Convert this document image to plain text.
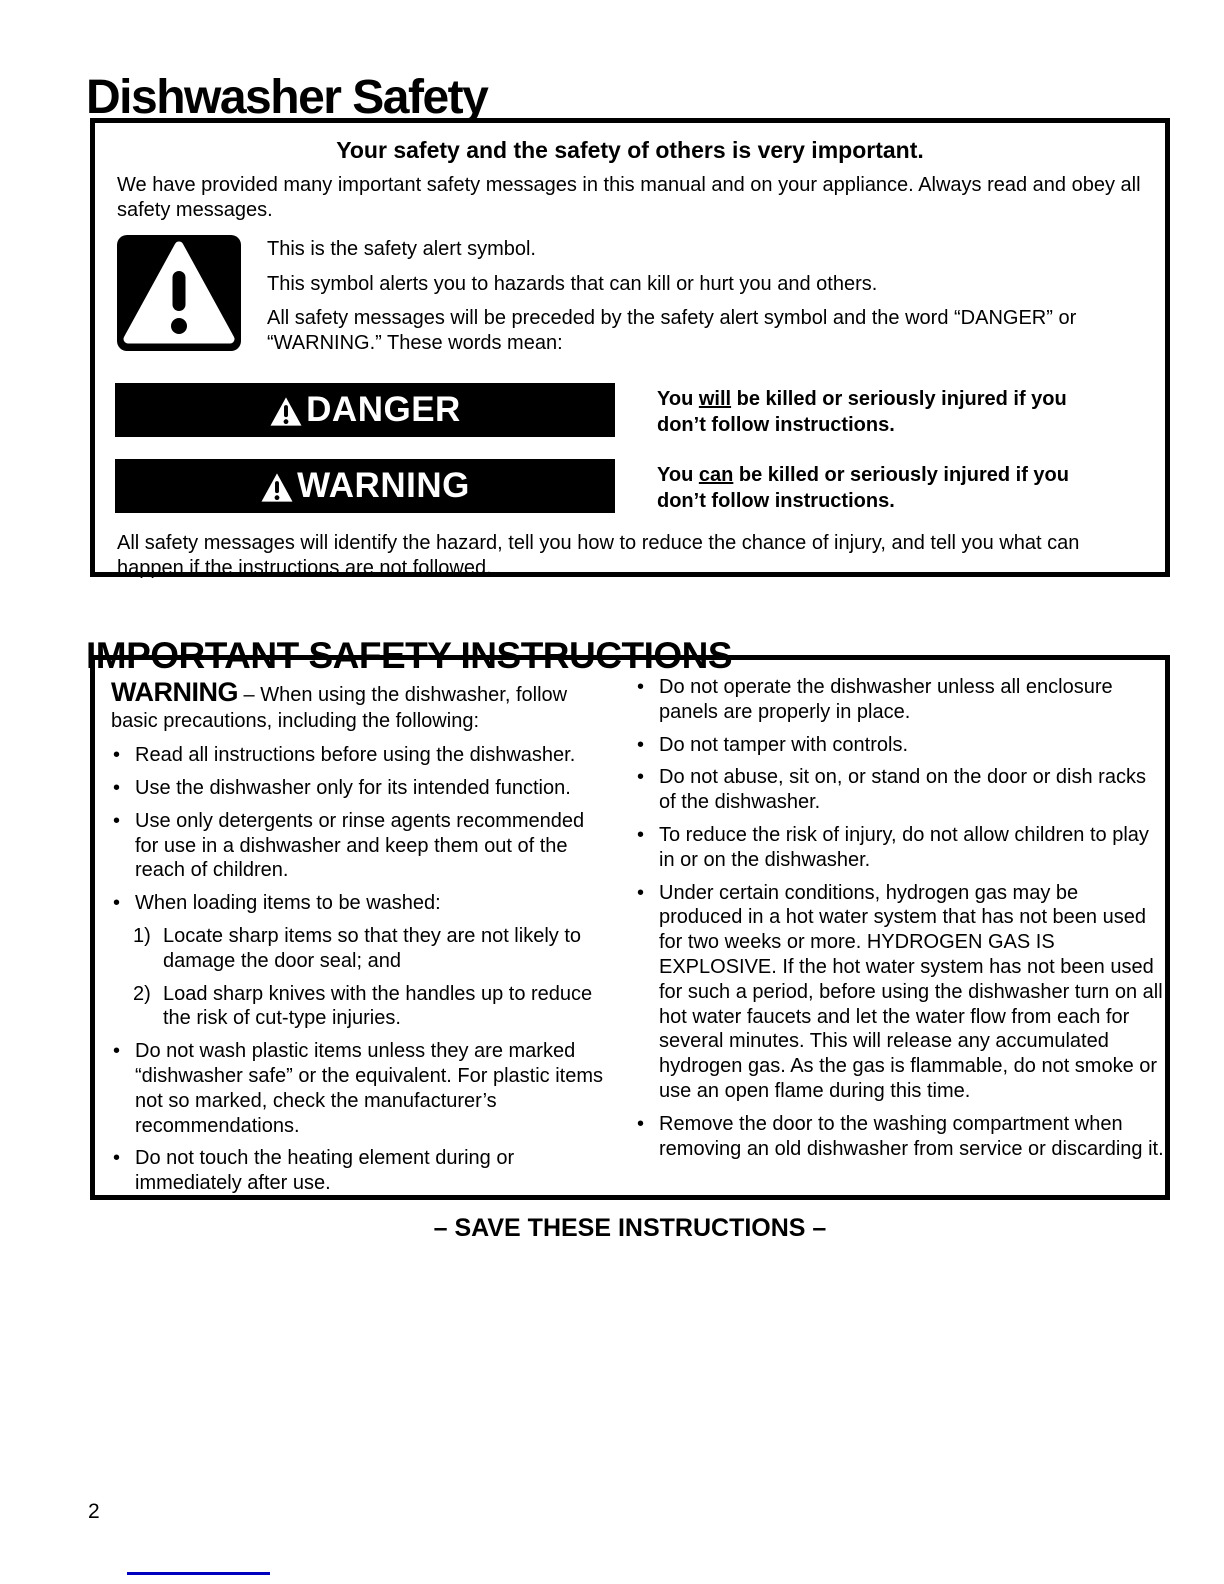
Dishwasher Safety
Your safety and the safety of others is very important.

We have provided many important safety messages in this manual and on your appliance. Always read and obey all safety messages.

This is the safety alert symbol.

This symbol alerts you to hazards that can kill or hurt you and others.

All safety messages will be preceded by the safety alert symbol and the word “DANGER” or “WARNING.” These words mean:

DANGER	You will be killed or seriously injured if you don’t follow instructions.
WARNING	You can be killed or seriously injured if you don’t follow instructions.

All safety messages will identify the hazard, tell you how to reduce the chance of injury, and tell you what can happen if the instructions are not followed.

IMPORTANT SAFETY INSTRUCTIONS
WARNING – When using the dishwasher, follow basic precautions, including the following:
• Read all instructions before using the dishwasher.
• Use the dishwasher only for its intended function.
• Use only detergents or rinse agents recommended for use in a dishwasher and keep them out of the reach of children.
• When loading items to be washed:
1) Locate sharp items so that they are not likely to damage the door seal; and
2) Load sharp knives with the handles up to reduce the risk of cut-type injuries.
• Do not wash plastic items unless they are marked “dishwasher safe” or the equivalent. For plastic items not so marked, check the manufacturer’s recommendations.
• Do not touch the heating element during or immediately after use.
• Do not operate the dishwasher unless all enclosure panels are properly in place.
• Do not tamper with controls.
• Do not abuse, sit on, or stand on the door or dish racks of the dishwasher.
• To reduce the risk of injury, do not allow children to play in or on the dishwasher.
• Under certain conditions, hydrogen gas may be produced in a hot water system that has not been used for two weeks or more. HYDROGEN GAS IS EXPLOSIVE. If the hot water system has not been used for such a period, before using the dishwasher turn on all hot water faucets and let the water flow from each for several minutes. This will release any accumulated hydrogen gas. As the gas is flammable, do not smoke or use an open flame during this time.
• Remove the door to the washing compartment when removing an old dishwasher from service or discarding it.
– SAVE THESE INSTRUCTIONS –
2
